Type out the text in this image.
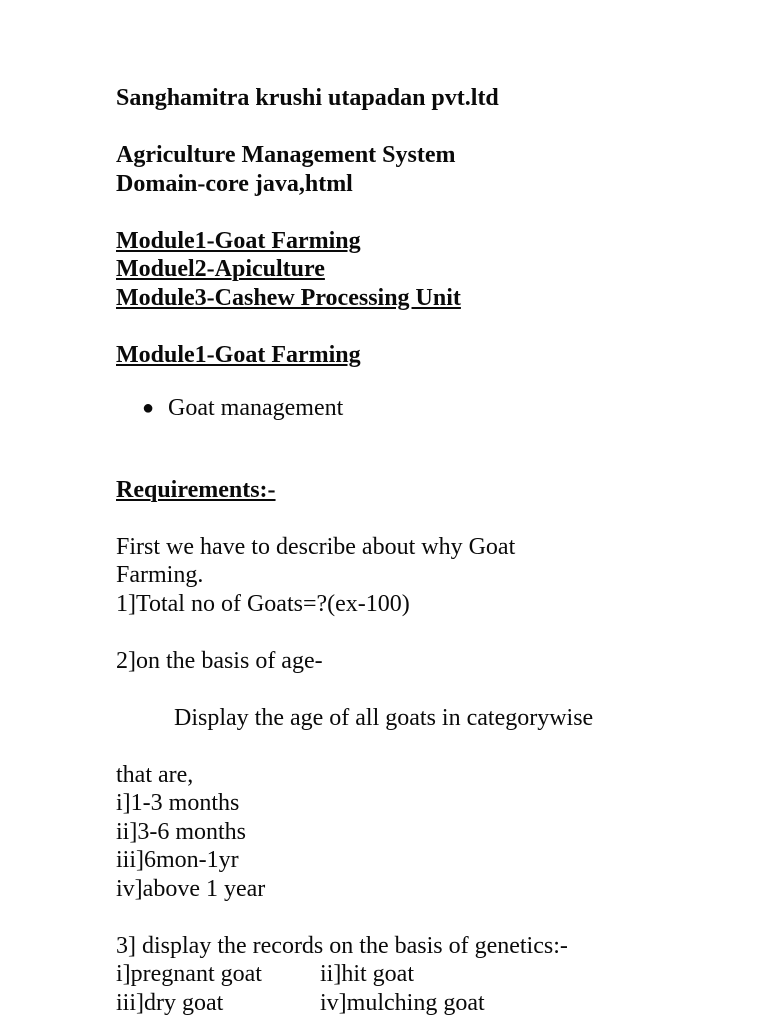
Sanghamitra krushi utapadan pvt.ltd

Agriculture Management System

Domain-core java,html

Module1-Goat Farming

Moduel2-Apiculture

Module3-Cashew Processing Unit

Module1-Goat Farming

● Goat management

Requirements:-

First we have to describe about why Goat

Farming.

1]Total no of Goats=?(ex-100)

2]on the basis of age-

Display the age of all goats in categorywise

that are,

i]1-3 months

ii]3-6 months

iii]6mon-1yr

iv]above 1 year

3] display the records on the basis of genetics:-

i]pregnant goat ii]hit goat

iii]dry goat	iv]mulching goat
